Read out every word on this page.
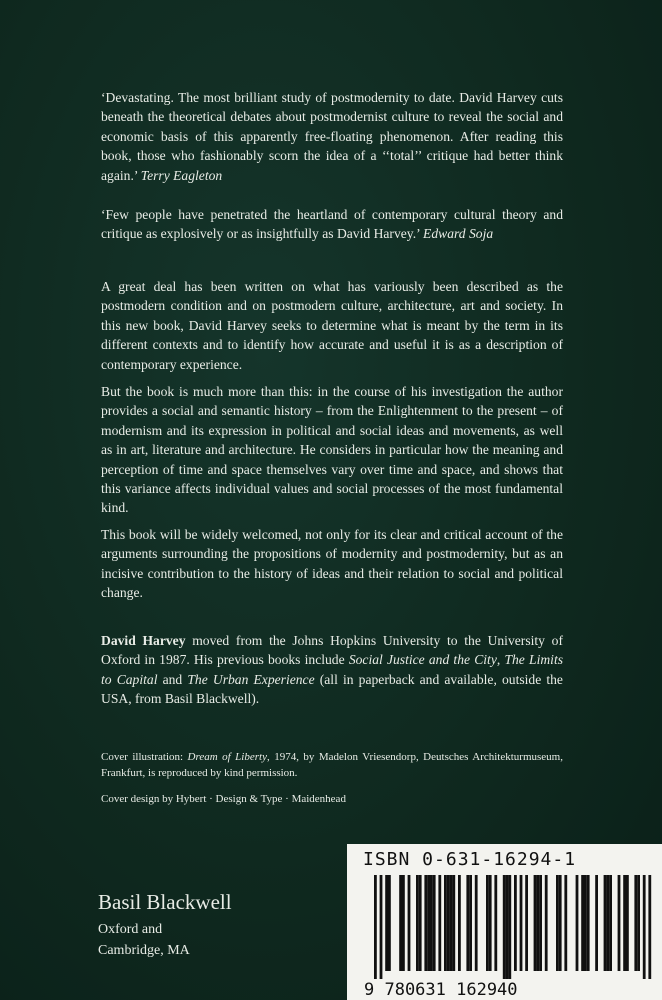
‘Devastating. The most brilliant study of postmodernity to date. David Harvey cuts beneath the theoretical debates about postmodernist culture to reveal the social and economic basis of this apparently free-floating phenomenon. After reading this book, those who fashionably scorn the idea of a ‘‘total’’ critique had better think again.’ Terry Eagleton

‘Few people have penetrated the heartland of contemporary cultural theory and critique as explosively or as insightfully as David Harvey.’ Edward Soja

A great deal has been written on what has variously been described as the postmodern condition and on postmodern culture, architecture, art and society. In this new book, David Harvey seeks to determine what is meant by the term in its different contexts and to identify how accurate and useful it is as a description of contemporary experience.

But the book is much more than this: in the course of his investigation the author provides a social and semantic history – from the Enlightenment to the present – of modernism and its expression in political and social ideas and movements, as well as in art, literature and architecture. He considers in particular how the meaning and perception of time and space themselves vary over time and space, and shows that this variance affects individual values and social processes of the most fundamental kind.

This book will be widely welcomed, not only for its clear and critical account of the arguments surrounding the propositions of modernity and postmodernity, but as an incisive contribution to the history of ideas and their relation to social and political change.

David Harvey moved from the Johns Hopkins University to the University of Oxford in 1987. His previous books include Social Justice and the City, The Limits to Capital and The Urban Experience (all in paperback and available, outside the USA, from Basil Blackwell).

Cover illustration: Dream of Liberty, 1974, by Madelon Vriesendorp, Deutsches Architekturmuseum, Frankfurt, is reproduced by kind permission.

Cover design by Hybert · Design & Type · Maidenhead

Basil Blackwell
Oxford and
Cambridge, MA
ISBN 0-631-16294-1
9 780631 162940
